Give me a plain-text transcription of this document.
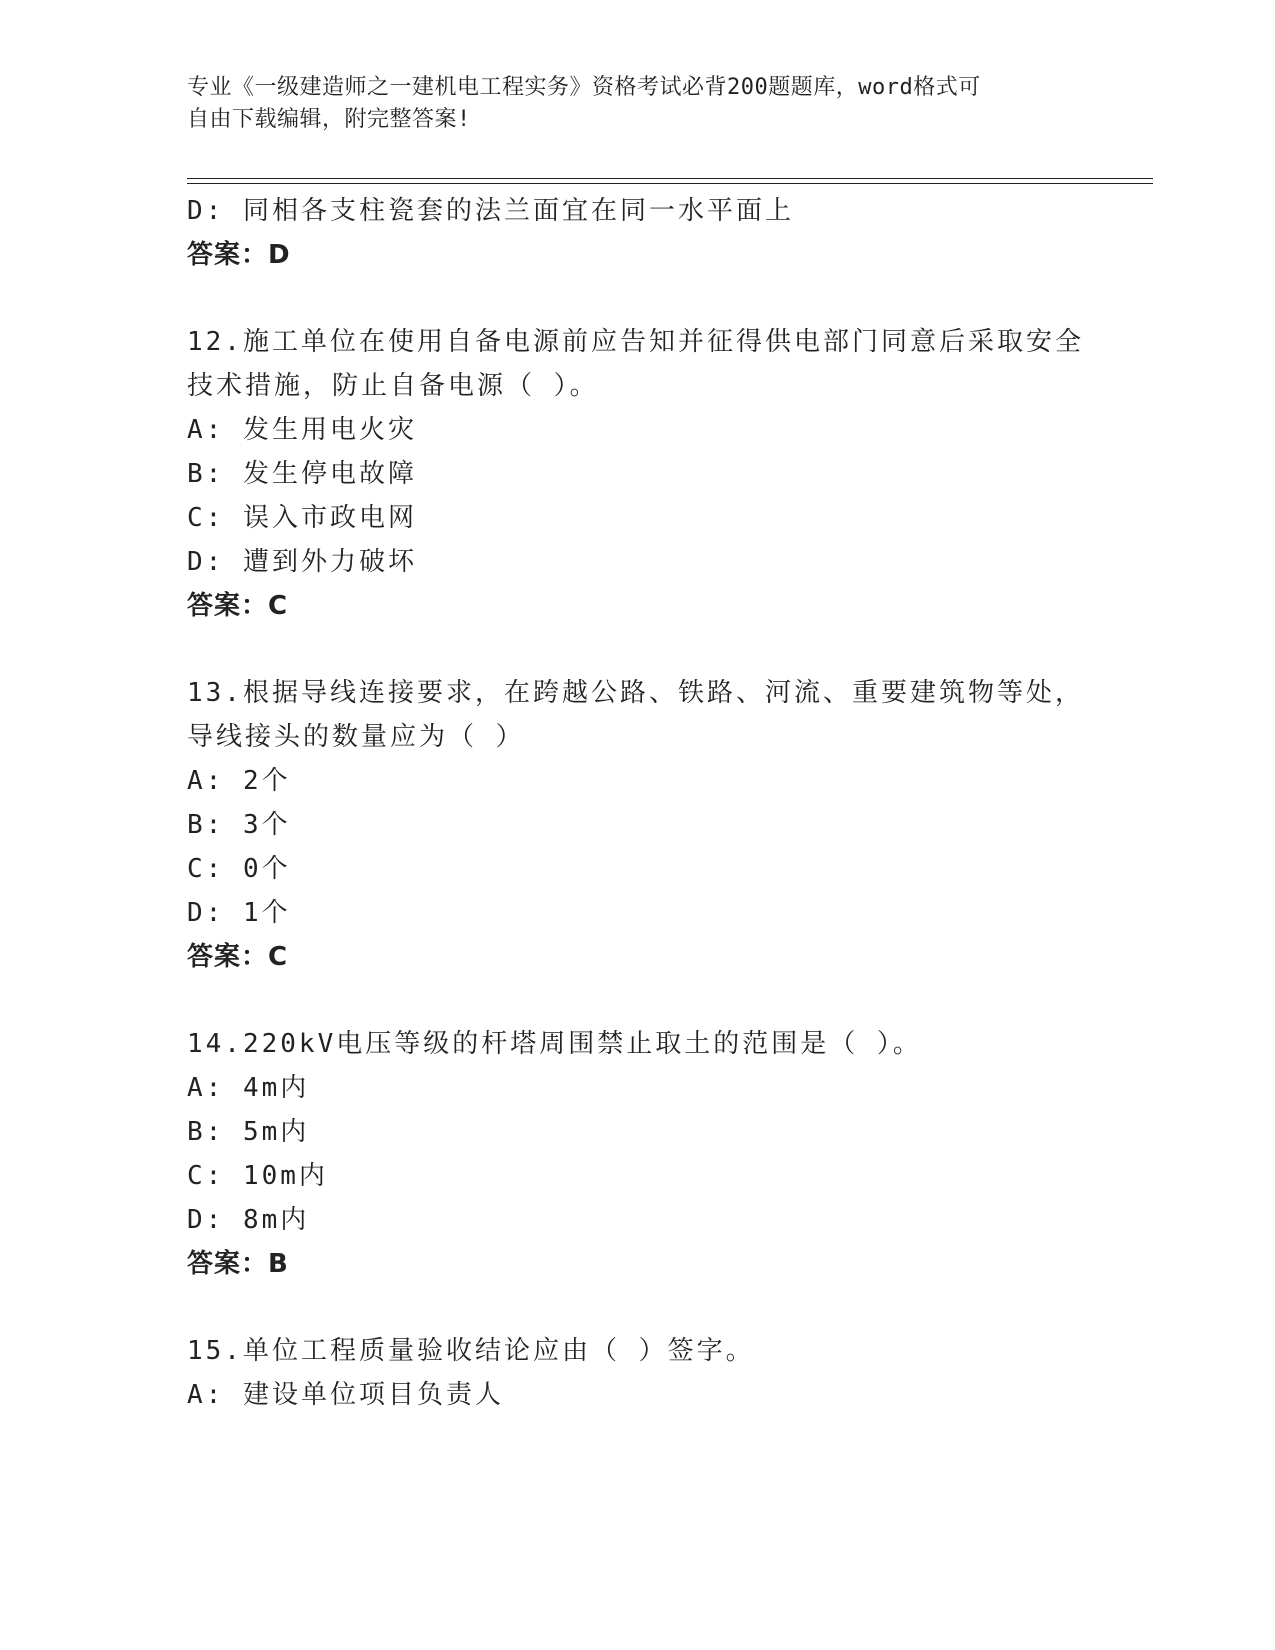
专业《一级建造师之一建机电工程实务》资格考试必背200题题库，word格式可
自由下载编辑，附完整答案!
D: 同相各支柱瓷套的法兰面宜在同一水平面上
答案：D
12.施工单位在使用自备电源前应告知并征得供电部门同意后采取安全
技术措施，防止自备电源（ ）。
A: 发生用电火灾
B: 发生停电故障
C: 误入市政电网
D: 遭到外力破坏
答案：C
13.根据导线连接要求，在跨越公路、铁路、河流、重要建筑物等处，
导线接头的数量应为（ ）
A: 2个
B: 3个
C: 0个
D: 1个
答案：C
14.220kV电压等级的杆塔周围禁止取土的范围是（ ）。
A: 4m内
B: 5m内
C: 10m内
D: 8m内
答案：B
15.单位工程质量验收结论应由（ ）签字。
A: 建设单位项目负责人
